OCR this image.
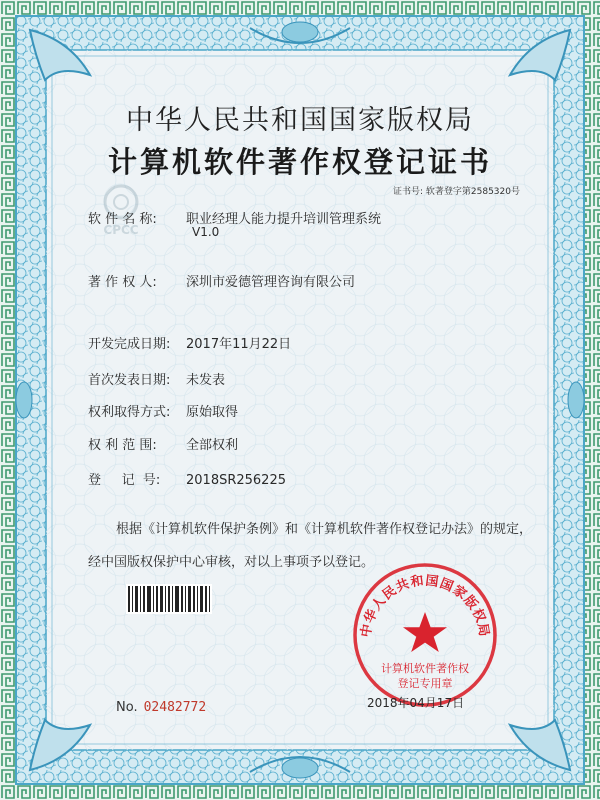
CPCC
中华人民共和国国家版权局
计算机软件著作权登记证书
证书号: 软著登字第2585320号
软 件 名 称: 职业经理人能力提升培训管理系统
V1.0
著 作 权 人: 深圳市爱德管理咨询有限公司
开发完成日期: 2017年11月22日
首次发表日期: 未发表
权利取得方式: 原始取得
权 利 范 围: 全部权利
登     记  号: 2018SR256225
根据《计算机软件保护条例》和《计算机软件著作权登记办法》的规定，经中国版权保护中心审核，对以上事项予以登记。
No. 02482772
中华人民共和国国家版权局
计算机软件著作权
登记专用章
2018年04月17日
